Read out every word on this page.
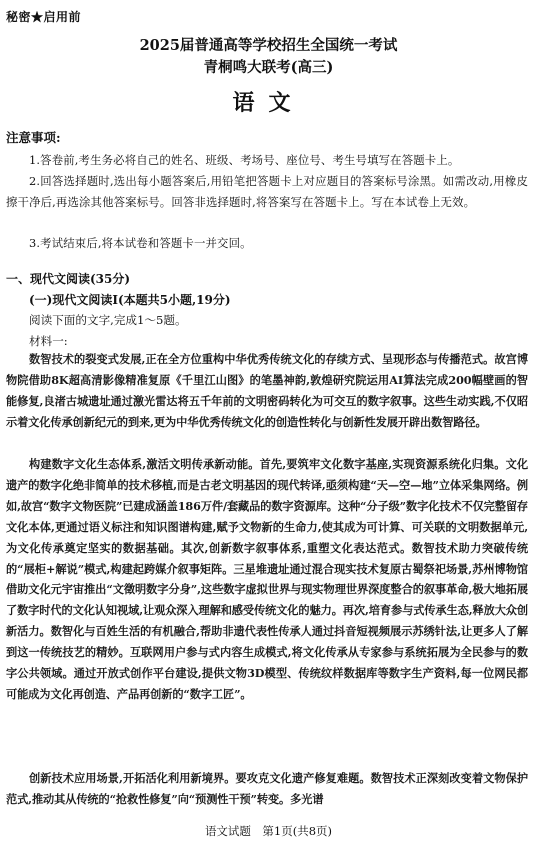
秘密★启用前
2025届普通高等学校招生全国统一考试
青桐鸣大联考(高三)
语文
注意事项:
1.答卷前,考生务必将自己的姓名、班级、考场号、座位号、考生号填写在答题卡上。
2.回答选择题时,选出每小题答案后,用铅笔把答题卡上对应题目的答案标号涂黑。如需改动,用橡皮擦干净后,再选涂其他答案标号。回答非选择题时,将答案写在答题卡上。写在本试卷上无效。
3.考试结束后,将本试卷和答题卡一并交回。
一、现代文阅读(35分)
(一)现代文阅读Ⅰ(本题共5小题,19分)
阅读下面的文字,完成1～5题。
材料一:
数智技术的裂变式发展,正在全方位重构中华优秀传统文化的存续方式、呈现形态与传播范式。故宫博物院借助8K超高清影像精准复原《千里江山图》的笔墨神韵,敦煌研究院运用AI算法完成200幅壁画的智能修复,良渚古城遗址通过激光雷达将五千年前的文明密码转化为可交互的数字叙事。这些生动实践,不仅昭示着文化传承创新纪元的到来,更为中华优秀传统文化的创造性转化与创新性发展开辟出数智路径。
构建数字文化生态体系,激活文明传承新动能。首先,要筑牢文化数字基座,实现资源系统化归集。文化遗产的数字化绝非简单的技术移植,而是古老文明基因的现代转译,亟须构建“天—空—地”立体采集网络。例如,故宫“数字文物医院”已建成涵盖186万件/套藏品的数字资源库。这种“分子级”数字化技术不仅完整留存文化本体,更通过语义标注和知识图谱构建,赋予文物新的生命力,使其成为可计算、可关联的文明数据单元,为文化传承奠定坚实的数据基础。其次,创新数字叙事体系,重塑文化表达范式。数智技术助力突破传统的“展柜+解说”模式,构建起跨媒介叙事矩阵。三星堆遗址通过混合现实技术复原古蜀祭祀场景,苏州博物馆借助文化元宇宙推出“文徵明数字分身”,这些数字虚拟世界与现实物理世界深度整合的叙事革命,极大地拓展了数字时代的文化认知视域,让观众深入理解和感受传统文化的魅力。再次,培育参与式传承生态,释放大众创新活力。数智化与百姓生活的有机融合,帮助非遗代表性传承人通过抖音短视频展示苏绣针法,让更多人了解到这一传统技艺的精妙。互联网用户参与式内容生成模式,将文化传承从专家参与系统拓展为全民参与的数字公共领域。通过开放式创作平台建设,提供文物3D模型、传统纹样数据库等数字生产资料,每一位网民都可能成为文化再创造、产品再创新的“数字工匠”。
创新技术应用场景,开拓活化利用新境界。要攻克文化遗产修复难题。数智技术正深刻改变着文物保护范式,推动其从传统的“抢救性修复”向“预测性干预”转变。多光谱
语文试题　第1页(共8页)
